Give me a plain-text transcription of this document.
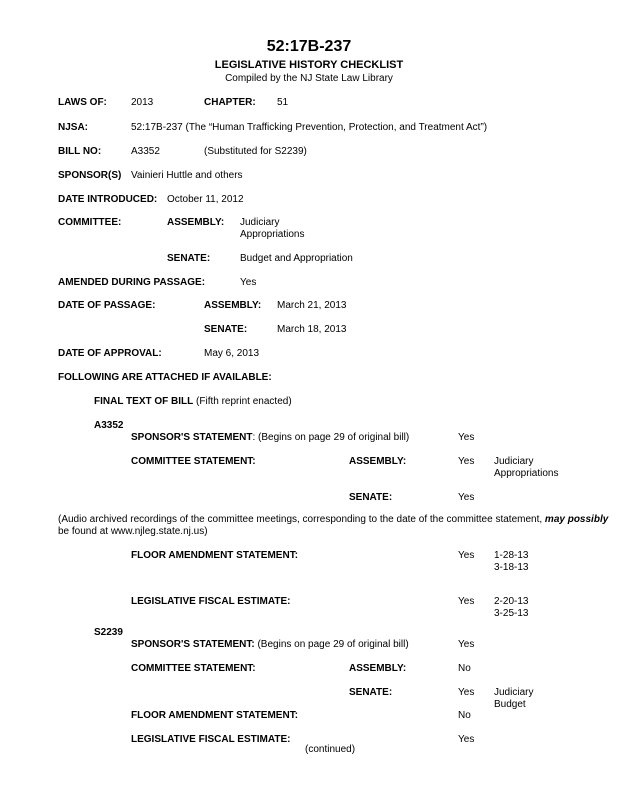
52:17B-237
LEGISLATIVE HISTORY CHECKLIST
Compiled by the NJ State Law Library
LAWS OF: 2013	CHAPTER: 51
NJSA:	52:17B-237 (The “Human Trafficking Prevention, Protection, and Treatment Act”)
BILL NO:	A3352	(Substituted for S2239)
SPONSOR(S) Vainieri Huttle and others
DATE INTRODUCED: October 11, 2012
COMMITTEE:	ASSEMBLY: Judiciary
Appropriations
SENATE:	Budget and Appropriation
AMENDED DURING PASSAGE:	Yes
DATE OF PASSAGE:	ASSEMBLY: March 21, 2013
SENATE:	March 18, 2013
DATE OF APPROVAL:	May 6, 2013
FOLLOWING ARE ATTACHED IF AVAILABLE:
FINAL TEXT OF BILL (Fifth reprint enacted)
A3352
SPONSOR'S STATEMENT: (Begins on page 29 of original bill)	Yes
COMMITTEE STATEMENT:	ASSEMBLY:	Yes Judiciary
Appropriations
SENATE:	Yes
(Audio archived recordings of the committee meetings, corresponding to the date of the committee statement, may possibly
be found at www.njleg.state.nj.us)
FLOOR AMENDMENT STATEMENT:	Yes 1-28-13
3-18-13
LEGISLATIVE FISCAL ESTIMATE:	Yes 2-20-13
3-25-13
S2239
SPONSOR'S STATEMENT: (Begins on page 29 of original bill)	Yes
COMMITTEE STATEMENT:	ASSEMBLY:	No
SENATE:	Yes Judiciary
Budget
FLOOR AMENDMENT STATEMENT:	No
LEGISLATIVE FISCAL ESTIMATE:	Yes
(continued)
